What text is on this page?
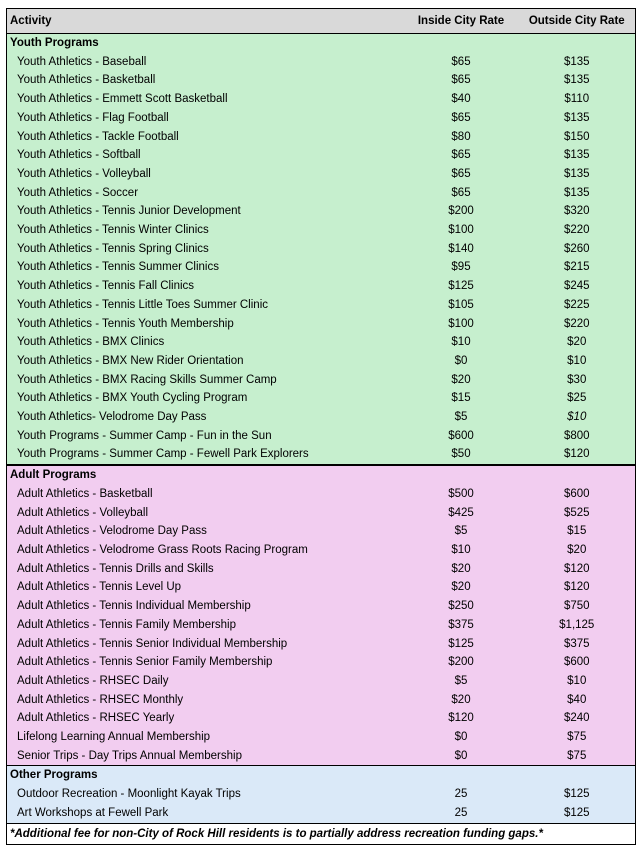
Activity	Inside City Rate	Outside City Rate
Youth Programs		
Youth Athletics - Baseball	$65	$135
Youth Athletics - Basketball	$65	$135
Youth Athletics - Emmett Scott Basketball	$40	$110
Youth Athletics - Flag Football	$65	$135
Youth Athletics - Tackle Football	$80	$150
Youth Athletics - Softball	$65	$135
Youth Athletics - Volleyball	$65	$135
Youth Athletics - Soccer	$65	$135
Youth Athletics - Tennis Junior Development	$200	$320
Youth Athletics - Tennis Winter Clinics	$100	$220
Youth Athletics - Tennis Spring Clinics	$140	$260
Youth Athletics - Tennis Summer Clinics	$95	$215
Youth Athletics - Tennis Fall Clinics	$125	$245
Youth Athletics - Tennis Little Toes Summer Clinic	$105	$225
Youth Athletics - Tennis Youth Membership	$100	$220
Youth Athletics - BMX Clinics	$10	$20
Youth Athletics - BMX New Rider Orientation	$0	$10
Youth Athletics - BMX Racing Skills Summer Camp	$20	$30
Youth Athletics - BMX Youth Cycling Program	$15	$25
Youth Athletics- Velodrome Day Pass	$5	$10
Youth Programs - Summer Camp - Fun in the Sun	$600	$800
Youth Programs - Summer Camp - Fewell Park Explorers	$50	$120
Adult Programs		
Adult Athletics - Basketball	$500	$600
Adult Athletics - Volleyball	$425	$525
Adult Athletics - Velodrome Day Pass	$5	$15
Adult Athletics - Velodrome Grass Roots Racing Program	$10	$20
Adult Athletics - Tennis Drills and Skills	$20	$120
Adult Athletics - Tennis Level Up	$20	$120
Adult Athletics - Tennis Individual Membership	$250	$750
Adult Athletics - Tennis Family Membership	$375	$1,125
Adult Athletics - Tennis Senior Individual Membership	$125	$375
Adult Athletics - Tennis Senior Family Membership	$200	$600
Adult Athletics - RHSEC Daily	$5	$10
Adult Athletics - RHSEC Monthly	$20	$40
Adult Athletics - RHSEC Yearly	$120	$240
Lifelong Learning Annual Membership	$0	$75
Senior Trips - Day Trips Annual Membership	$0	$75
Other Programs		
Outdoor Recreation - Moonlight Kayak Trips	25	$125
Art Workshops at Fewell Park	25	$125
*Additional fee for non-City of Rock Hill residents is to partially address recreation funding gaps.*		
